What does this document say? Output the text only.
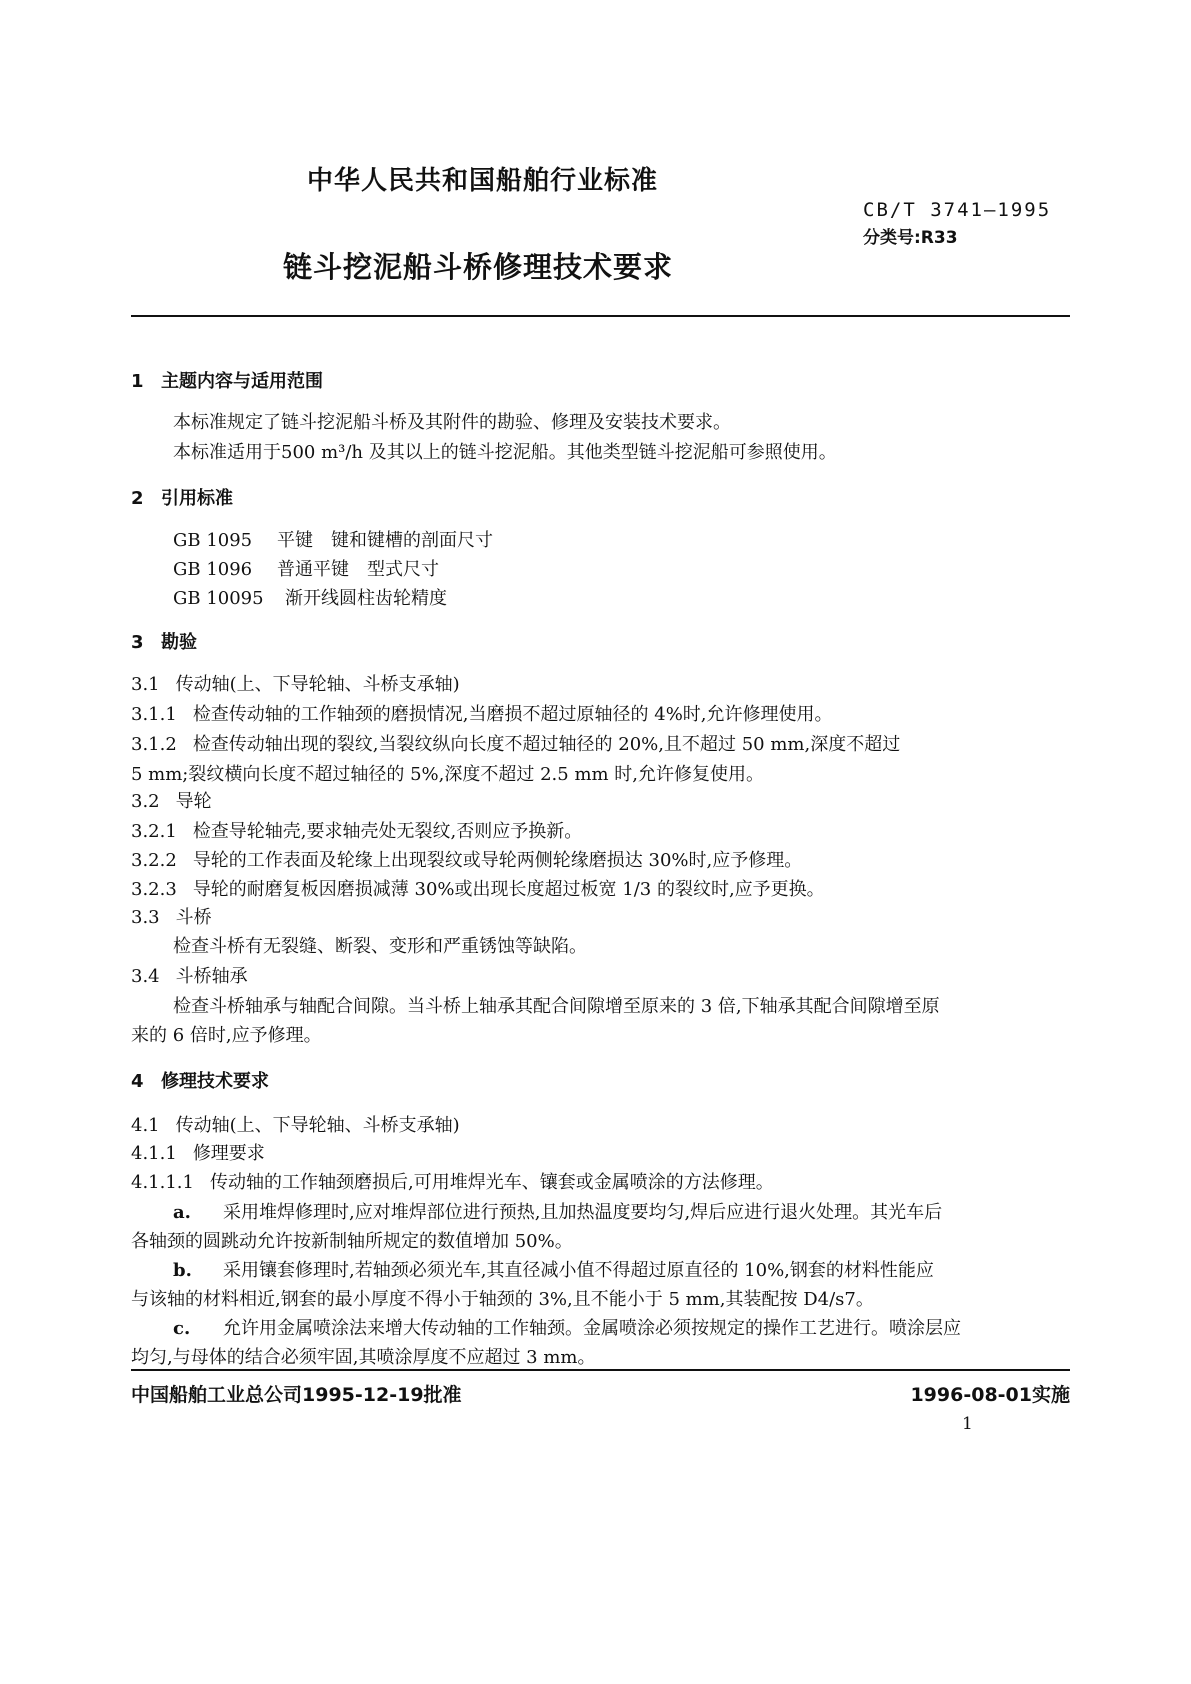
中华人民共和国船舶行业标准
CB/T 3741—1995
分类号:R33
链斗挖泥船斗桥修理技术要求
1 主题内容与适用范围
本标准规定了链斗挖泥船斗桥及其附件的勘验、修理及安装技术要求。
本标准适用于500 m³/h 及其以上的链斗挖泥船。其他类型链斗挖泥船可参照使用。
2 引用标准
GB 1095 平键　键和键槽的剖面尺寸
GB 1096 普通平键　型式尺寸
GB 10095 渐开线圆柱齿轮精度
3 勘验
3.1 传动轴(上、下导轮轴、斗桥支承轴)
3.1.1 检查传动轴的工作轴颈的磨损情况,当磨损不超过原轴径的 4%时,允许修理使用。
3.1.2 检查传动轴出现的裂纹,当裂纹纵向长度不超过轴径的 20%,且不超过 50 mm,深度不超过
5 mm;裂纹横向长度不超过轴径的 5%,深度不超过 2.5 mm 时,允许修复使用。
3.2 导轮
3.2.1 检查导轮轴壳,要求轴壳处无裂纹,否则应予换新。
3.2.2 导轮的工作表面及轮缘上出现裂纹或导轮两侧轮缘磨损达 30%时,应予修理。
3.2.3 导轮的耐磨复板因磨损减薄 30%或出现长度超过板宽 1/3 的裂纹时,应予更换。
3.3 斗桥
检查斗桥有无裂缝、断裂、变形和严重锈蚀等缺陷。
3.4 斗桥轴承
检查斗桥轴承与轴配合间隙。当斗桥上轴承其配合间隙增至原来的 3 倍,下轴承其配合间隙增至原
来的 6 倍时,应予修理。
4 修理技术要求
4.1 传动轴(上、下导轮轴、斗桥支承轴)
4.1.1 修理要求
4.1.1.1 传动轴的工作轴颈磨损后,可用堆焊光车、镶套或金属喷涂的方法修理。
a. 采用堆焊修理时,应对堆焊部位进行预热,且加热温度要均匀,焊后应进行退火处理。其光车后
各轴颈的圆跳动允许按新制轴所规定的数值增加 50%。
b. 采用镶套修理时,若轴颈必须光车,其直径减小值不得超过原直径的 10%,钢套的材料性能应
与该轴的材料相近,钢套的最小厚度不得小于轴颈的 3%,且不能小于 5 mm,其装配按 D4/s7。
c. 允许用金属喷涂法来增大传动轴的工作轴颈。金属喷涂必须按规定的操作工艺进行。喷涂层应
均匀,与母体的结合必须牢固,其喷涂厚度不应超过 3 mm。
中国船舶工业总公司1995-12-19批准	1996-08-01实施
1
